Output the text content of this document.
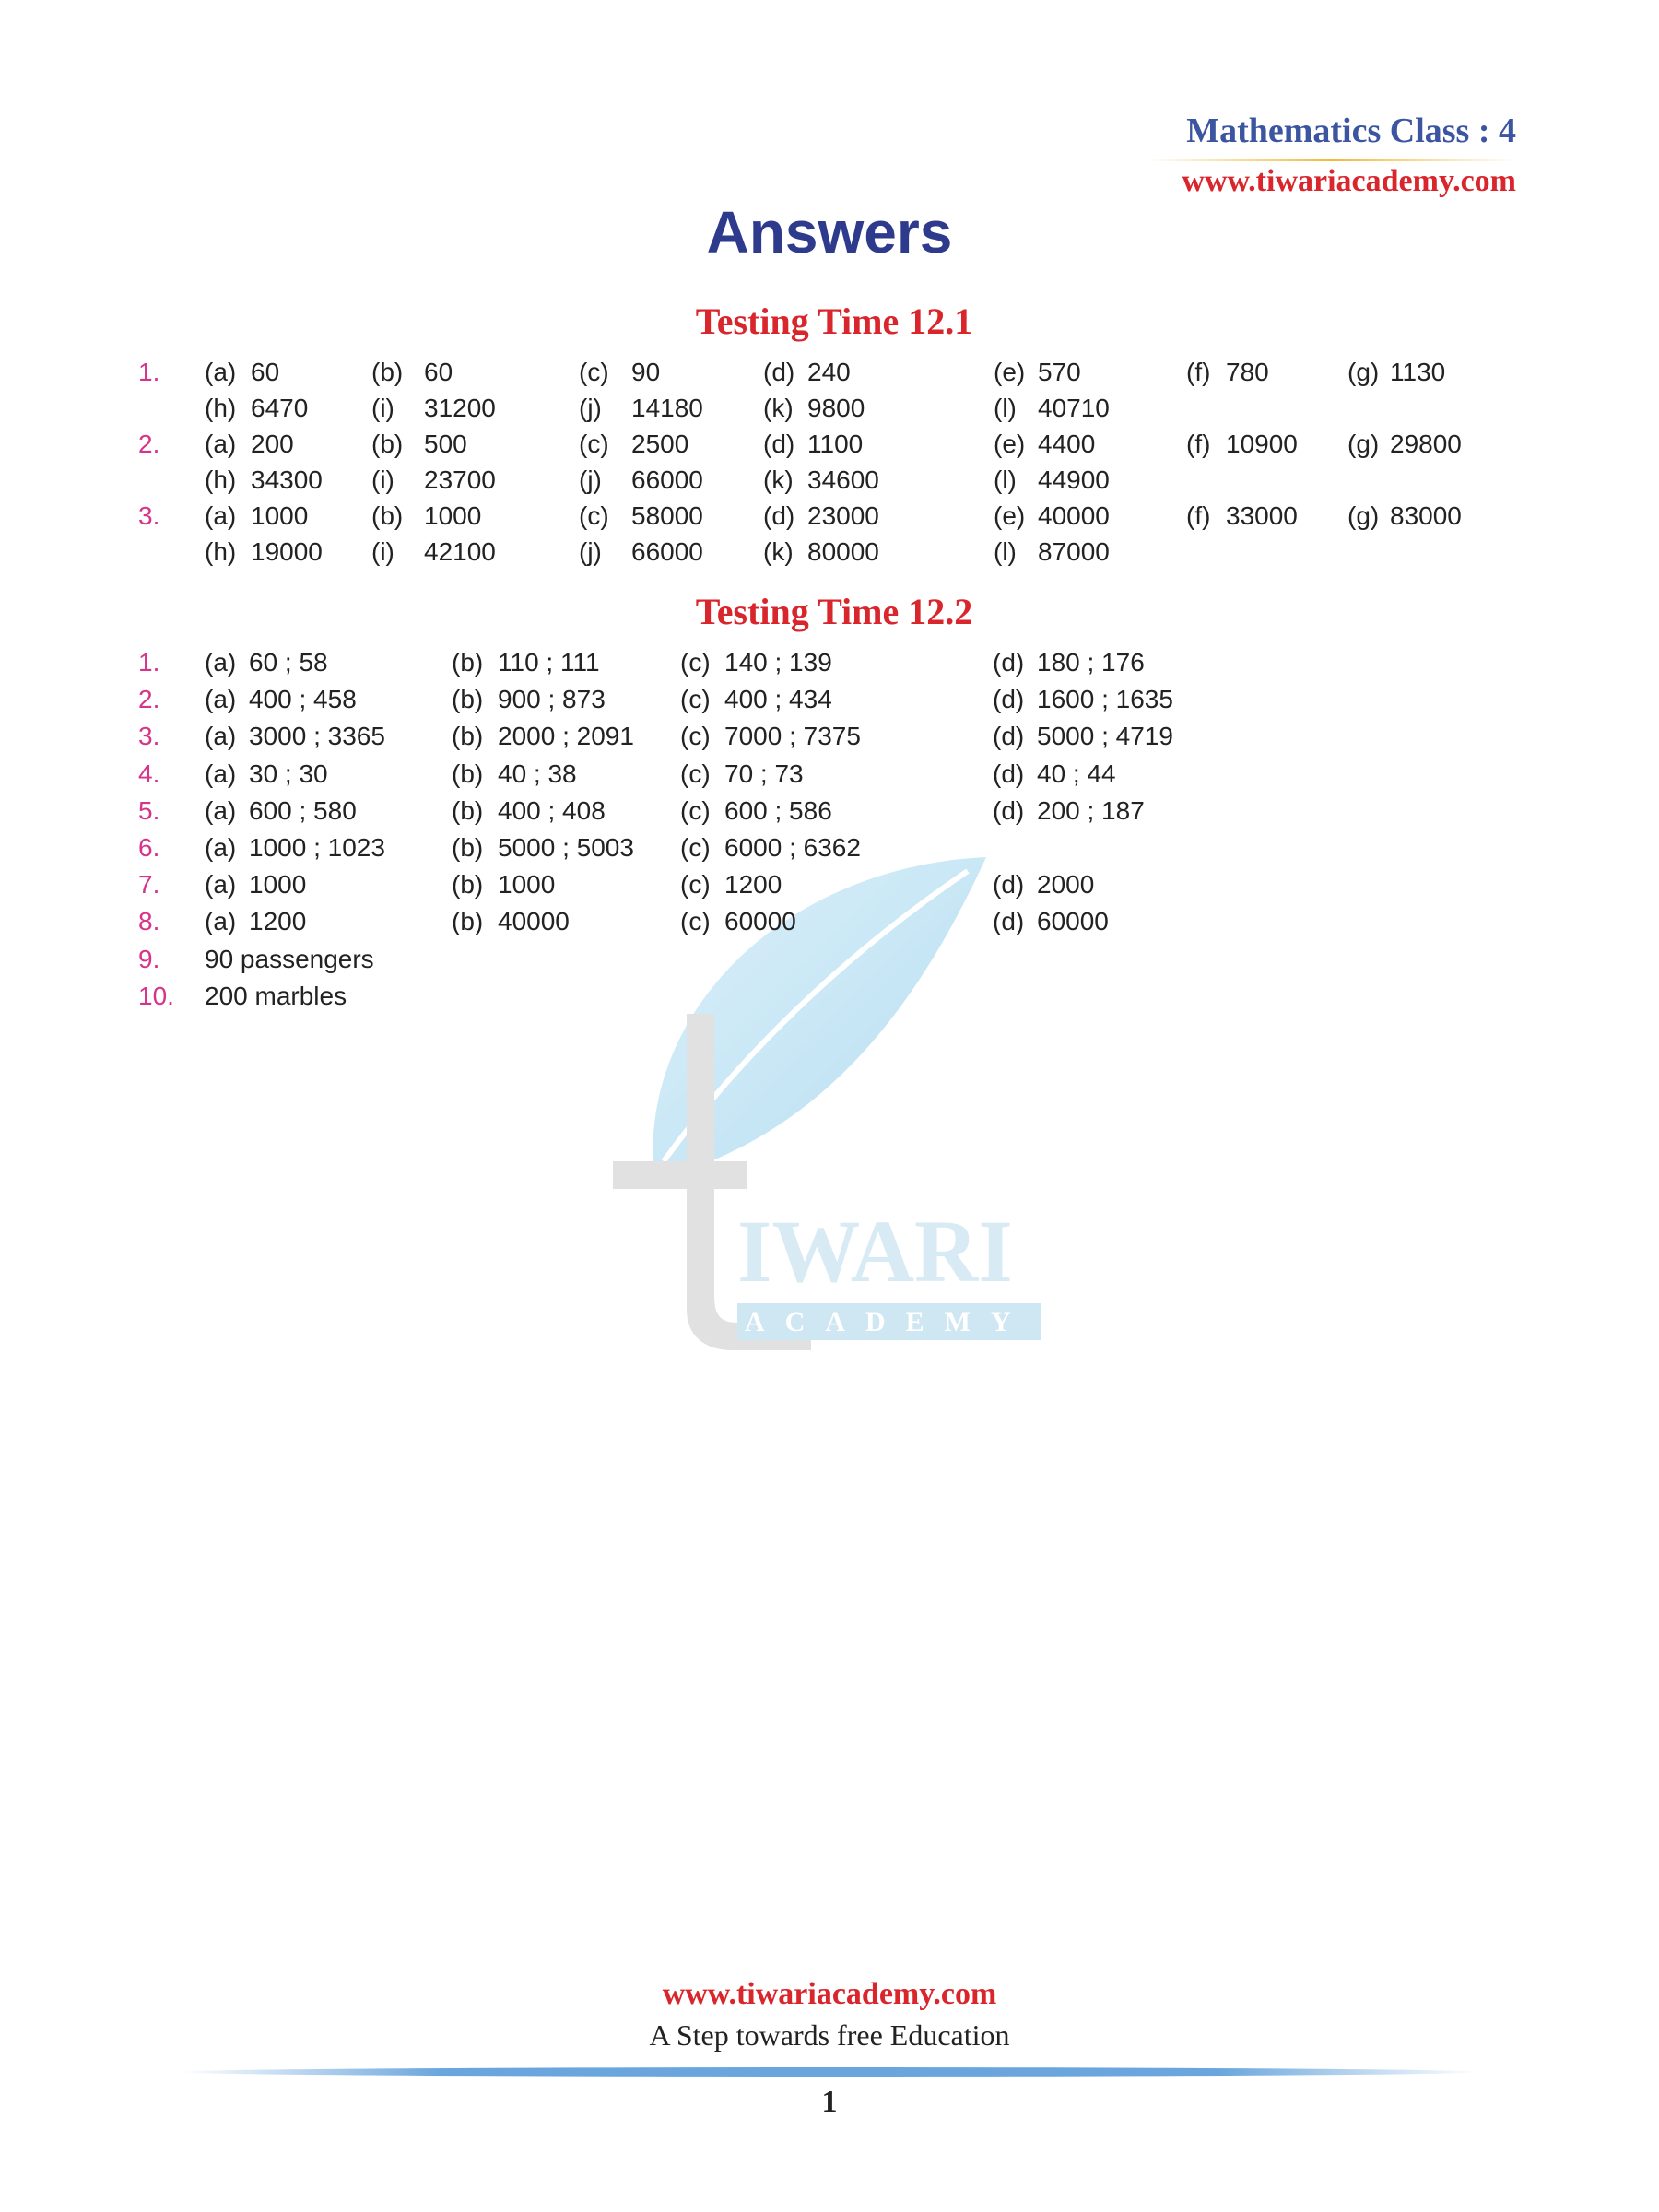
Mathematics Class : 4
www.tiwariacademy.com
Answers
IWARI
ACADEMY
Testing Time 12.1
1. (a) 60	(b) 60	(c) 90	(d) 240	(e) 570	(f) 780	(g) 1130
(h) 6470 (i) 31200	(j) 14180 (k) 9800	(l) 40710
2. (a) 200	(b) 500	(c) 2500	(d) 1100	(e) 4400	(f) 10900 (g) 29800
(h) 34300 (i) 23700	(j) 66000 (k) 34600	(l) 44900
3. (a) 1000 (b) 1000	(c) 58000 (d) 23000	(e) 40000	(f) 33000 (g) 83000
(h) 19000 (i) 42100	(j) 66000 (k) 80000	(l) 87000
Testing Time 12.2
1. (a) 60 ; 58	(b) 110 ; 111	(c) 140 ; 139	(d) 180 ; 176
2. (a) 400 ; 458	(b) 900 ; 873	(c) 400 ; 434	(d) 1600 ; 1635
3. (a) 3000 ; 3365	(b) 2000 ; 2091 (c) 7000 ; 7375	(d) 5000 ; 4719
4. (a) 30 ; 30	(b) 40 ; 38	(c) 70 ; 73	(d) 40 ; 44
5. (a) 600 ; 580	(b) 400 ; 408	(c) 600 ; 586	(d) 200 ; 187
6. (a) 1000 ; 1023	(b) 5000 ; 5003 (c) 6000 ; 6362
7. (a) 1000	(b) 1000	(c) 1200	(d) 2000
8. (a) 1200	(b) 40000	(c) 60000	(d) 60000
9. 90 passengers
10. 200 marbles
www.tiwariacademy.com
A Step towards free Education
1
